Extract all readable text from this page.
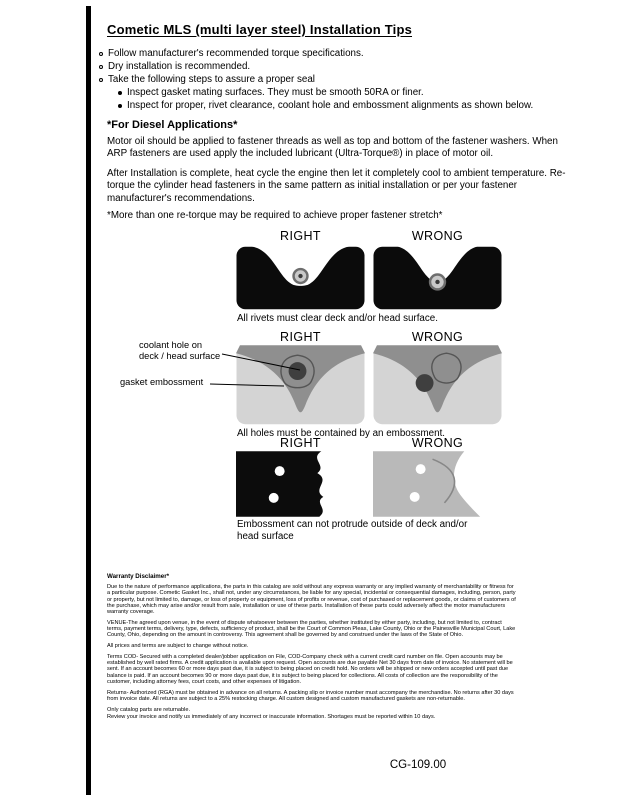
Cometic MLS (multi layer steel) Installation Tips
Follow manufacturer's recommended torque specifications.
Dry installation is recommended.
Take the following steps to assure a proper seal
Inspect gasket mating surfaces. They must be smooth 50RA or finer.
Inspect for proper, rivet clearance, coolant hole and embossment alignments as shown below.
*For Diesel Applications*
Motor oil should be applied to fastener threads as well as top and bottom of the fastener washers. When ARP fasteners are used apply the included lubricant (Ultra-Torque®) in place of motor oil.
After Installation is complete, heat cycle the engine then let it completely cool to ambient temperature. Re-torque the cylinder head fasteners in the same pattern as initial installation or per your fastener manufacturer's recommendations.
*More than one re-torque may be required to achieve proper fastener stretch*
RIGHT	WRONG
All rivets must clear deck and/or head surface.
RIGHT	WRONG
All holes must be contained by an embossment.
coolant hole on
deck / head surface
gasket embossment
RIGHT	WRONG
Embossment can not protrude outside of deck and/or head surface
Warranty Disclaimer*

Due to the nature of performance applications, the parts in this catalog are sold without any express warranty or any implied warranty of merchantability or fitness for a particular purpose. Cometic Gasket Inc., shall not, under any circumstances, be liable for any special, incidental or consequential damages, including, person, party or property, but not limited to, damage, or loss of property or equipment, loss of profits or revenue, cost of purchased or replacement goods, or claims of customers of the purchase, which may arise and/or result from sale, installation or use of these parts. Installation of these parts could adversely affect the motor manufacturers warranty coverage.

VENUE-The agreed upon venue, in the event of dispute whatsoever between the parties, whether instituted by either party, including, but not limited to, contract terms, payment terms, delivery, type, defects, sufficiency of product, shall be the Court of Common Pleas, Lake County, Ohio or the Painesville Municipal Court, Lake County, Ohio, depending on the amount in controversy. This agreement shall be governed by and construed under the laws of the State of Ohio.

All prices and terms are subject to change without notice.

Terms COD- Secured with a completed dealer/jobber application on File, COD-Company check with a current credit card number on file. Open accounts may be established by well rated firms. A credit application is available upon request. Open accounts are due payable Net 30 days from date of invoice. No statement will be sent. If an account becomes 60 or more days past due, it is subject to being placed on credit hold. No orders will be shipped or new orders accepted until past due balance is paid. If an account becomes 90 or more days past due, it is subject to being placed for collections. All costs of collection are the responsibility of the customer, including attorney fees, court costs, and other expenses of litigation.

Returns- Authorized (RGA) must be obtained in advance on all returns. A packing slip or invoice number must accompany the merchandise. No returns after 30 days from invoice date. All returns are subject to a 25% restocking charge. All custom designed and custom manufactured gaskets are non-returnable.

Only catalog parts are returnable.

Review your invoice and notify us immediately of any incorrect or inaccurate information. Shortages must be reported within 10 days.

CG-109.00
